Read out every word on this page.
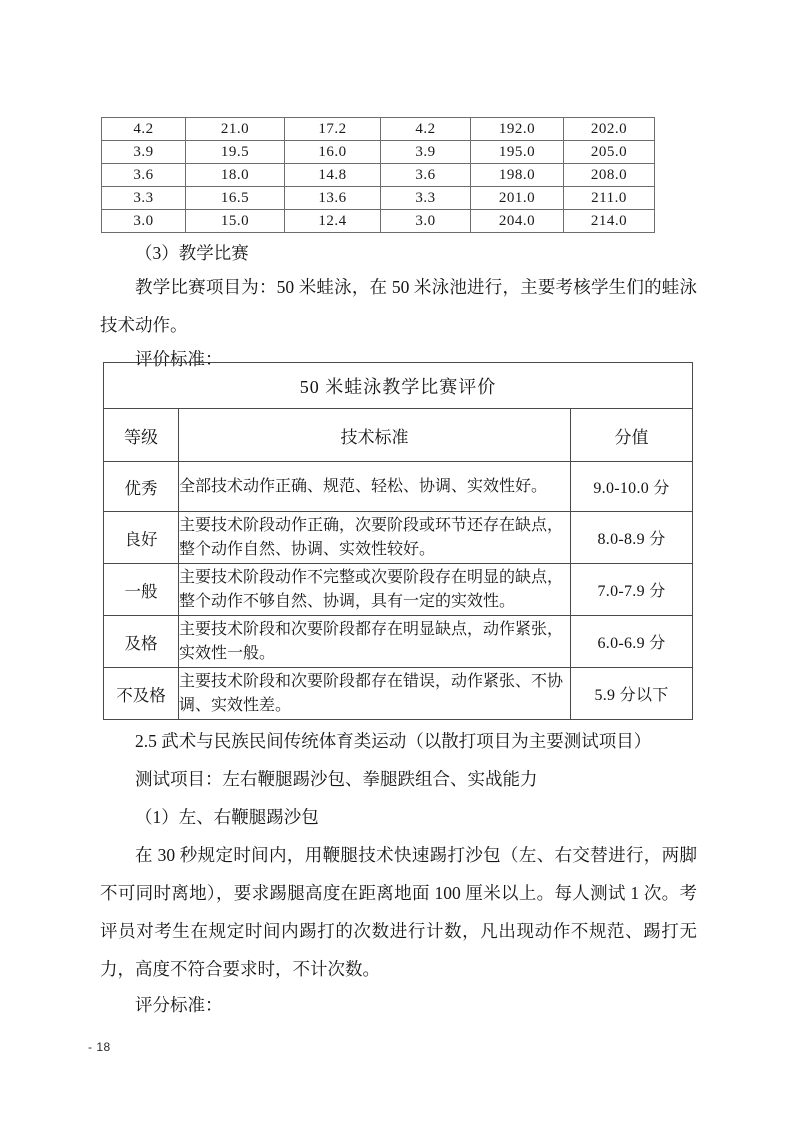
4.2	21.0	17.2	4.2	192.0	202.0
3.9	19.5	16.0	3.9	195.0	205.0
3.6	18.0	14.8	3.6	198.0	208.0
3.3	16.5	13.6	3.3	201.0	211.0
3.0	15.0	12.4	3.0	204.0	214.0
（3）教学比赛
教学比赛项目为：50 米蛙泳，在 50 米泳池进行，主要考核学生们的蛙泳技术动作。
评价标准：
50 米蛙泳教学比赛评价		
等级	技术标准	分值
优秀	全部技术动作正确、规范、轻松、协调、实效性好。	9.0-10.0 分
良好	主要技术阶段动作正确，次要阶段或环节还存在缺点，整个动作自然、协调、实效性较好。	8.0-8.9 分
一般	主要技术阶段动作不完整或次要阶段存在明显的缺点，整个动作不够自然、协调，具有一定的实效性。	7.0-7.9 分
及格	主要技术阶段和次要阶段都存在明显缺点，动作紧张，实效性一般。	6.0-6.9 分
不及格	主要技术阶段和次要阶段都存在错误，动作紧张、不协调、实效性差。	5.9 分以下
2.5 武术与民族民间传统体育类运动（以散打项目为主要测试项目）
测试项目：左右鞭腿踢沙包、拳腿跌组合、实战能力
（1）左、右鞭腿踢沙包
在 30 秒规定时间内，用鞭腿技术快速踢打沙包（左、右交替进行，两脚不可同时离地），要求踢腿高度在距离地面 100 厘米以上。每人测试 1 次。考评员对考生在规定时间内踢打的次数进行计数，凡出现动作不规范、踢打无力，高度不符合要求时，不计次数。
评分标准：
- 18
